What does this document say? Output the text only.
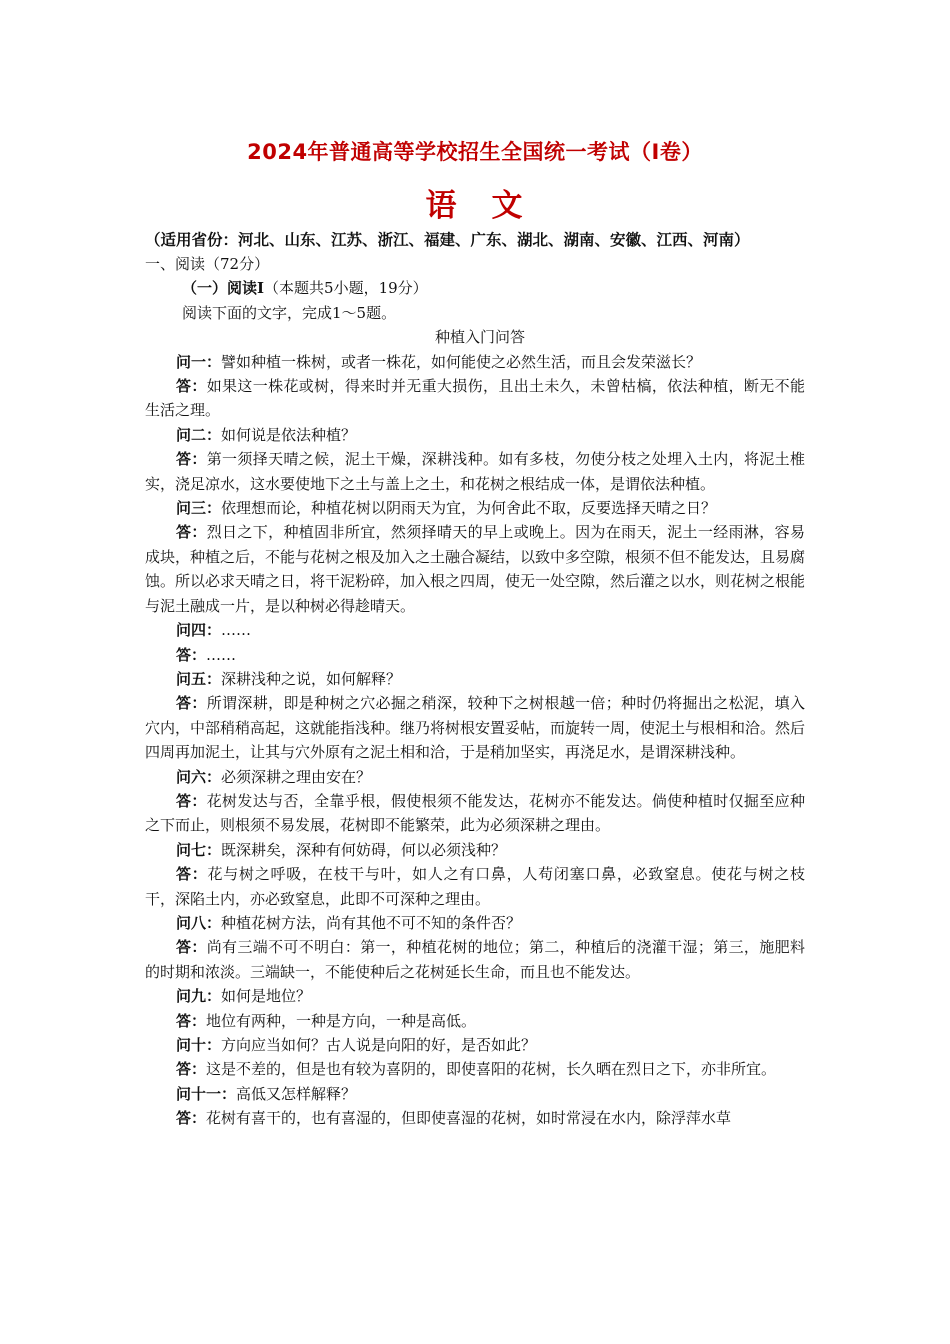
2024年普通高等学校招生全国统一考试（Ⅰ卷）
语　文
（适用省份：河北、山东、江苏、浙江、福建、广东、湖北、湖南、安徽、江西、河南）

一、阅读（72分）

（一）阅读Ⅰ（本题共5小题，19分）

阅读下面的文字，完成1～5题。

种植入门问答

问一：譬如种植一株树，或者一株花，如何能使之必然生活，而且会发荣滋长？

答：如果这一株花或树，得来时并无重大损伤，且出土未久，未曾枯槁，依法种植，断无不能生活之理。

问二：如何说是依法种植？

答：第一须择天晴之候，泥土干燥，深耕浅种。如有多枝，勿使分枝之处埋入土内，将泥土椎实，浇足凉水，这水要使地下之土与盖上之土，和花树之根结成一体，是谓依法种植。

问三：依理想而论，种植花树以阴雨天为宜，为何舍此不取，反要选择天晴之日？

答：烈日之下，种植固非所宜，然须择晴天的早上或晚上。因为在雨天，泥土一经雨淋，容易成块，种植之后，不能与花树之根及加入之土融合凝结，以致中多空隙，根须不但不能发达，且易腐蚀。所以必求天晴之日，将干泥粉碎，加入根之四周，使无一处空隙，然后灌之以水，则花树之根能与泥土融成一片，是以种树必得趁晴天。

问四：……

答：……

问五：深耕浅种之说，如何解释？

答：所谓深耕，即是种树之穴必掘之稍深，较种下之树根越一倍；种时仍将掘出之松泥，填入穴内，中部稍稍高起，这就能指浅种。继乃将树根安置妥帖，而旋转一周，使泥土与根相和洽。然后四周再加泥土，让其与穴外原有之泥土相和洽，于是稍加坚实，再浇足水，是谓深耕浅种。

问六：必须深耕之理由安在？

答：花树发达与否，全靠乎根，假使根须不能发达，花树亦不能发达。倘使种植时仅掘至应种之下而止，则根须不易发展，花树即不能繁荣，此为必须深耕之理由。

问七：既深耕矣，深种有何妨碍，何以必须浅种？

答：花与树之呼吸，在枝干与叶，如人之有口鼻，人苟闭塞口鼻，必致窒息。使花与树之枝干，深陷土内，亦必致窒息，此即不可深种之理由。

问八：种植花树方法，尚有其他不可不知的条件否？

答：尚有三端不可不明白：第一，种植花树的地位；第二，种植后的浇灌干湿；第三，施肥料的时期和浓淡。三端缺一，不能使种后之花树延长生命，而且也不能发达。

问九：如何是地位？

答：地位有两种，一种是方向，一种是高低。

问十：方向应当如何？古人说是向阳的好，是否如此？

答：这是不差的，但是也有较为喜阴的，即使喜阳的花树，长久晒在烈日之下，亦非所宜。

问十一：高低又怎样解释？

答：花树有喜干的，也有喜湿的，但即使喜湿的花树，如时常浸在水内，除浮萍水草
